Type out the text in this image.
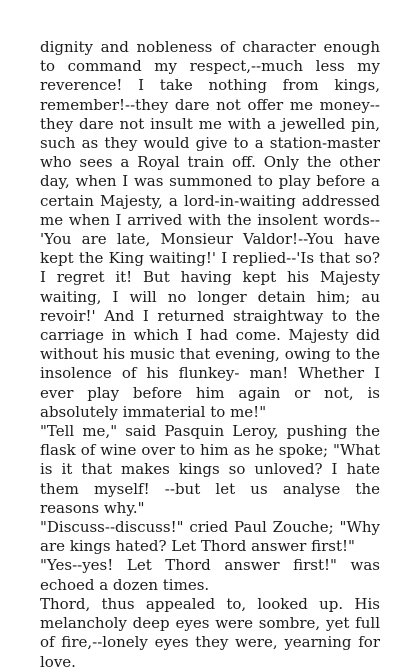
dignity and nobleness of character enough to command my respect,--much less my reverence! I take nothing from kings, remember!--they dare not offer me money--they dare not insult me with a jewelled pin, such as they would give to a station-master who sees a Royal train off. Only the other day, when I was summoned to play before a certain Majesty, a lord-in-waiting addressed me when I arrived with the insolent words--'You are late, Monsieur Valdor!--You have kept the King waiting!' I replied--'Is that so? I regret it! But having kept his Majesty waiting, I will no longer detain him; au revoir!' And I returned straightway to the carriage in which I had come. Majesty did without his music that evening, owing to the insolence of his flunkey- man! Whether I ever play before him again or not, is absolutely immaterial to me!"

"Tell me," said Pasquin Leroy, pushing the flask of wine over to him as he spoke; "What is it that makes kings so unloved? I hate them myself! --but let us analyse the reasons why."

"Discuss--discuss!" cried Paul Zouche; "Why are kings hated? Let Thord answer first!"

"Yes--yes! Let Thord answer first!" was echoed a dozen times.

Thord, thus appealed to, looked up. His melancholy deep eyes were sombre, yet full of fire,--lonely eyes they were, yearning for love.
